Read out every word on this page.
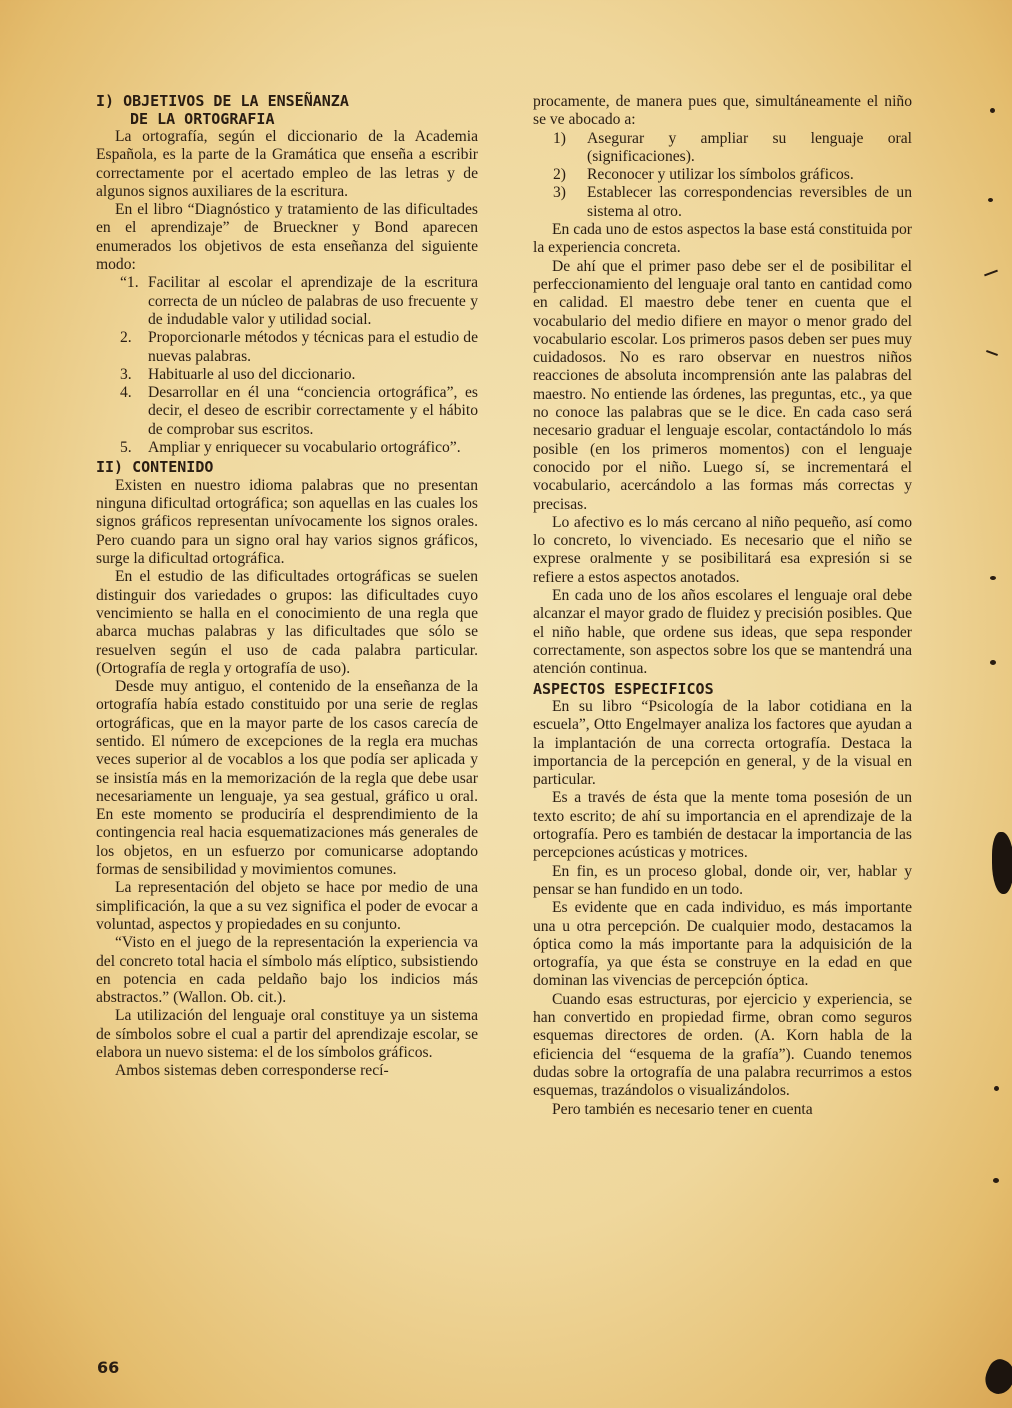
I) OBJETIVOS DE LA ENSEÑANZA
DE LA ORTOGRAFIA

La ortografía, según el diccionario de la Academia Española, es la parte de la Gramática que enseña a escribir correctamente por el acertado empleo de las letras y de algunos signos auxiliares de la escritura.

En el libro “Diagnóstico y tratamiento de las dificultades en el aprendizaje” de Brueckner y Bond aparecen enumerados los objetivos de esta enseñanza del siguiente modo:

“1. Facilitar al escolar el aprendizaje de la escritura correcta de un núcleo de palabras de uso frecuente y de indudable valor y utilidad social.
2. Proporcionarle métodos y técnicas para el estudio de nuevas palabras.
3. Habituarle al uso del diccionario.
4. Desarrollar en él una “conciencia ortográfica”, es decir, el deseo de escribir correctamente y el hábito de comprobar sus escritos.
5. Ampliar y enriquecer su vocabulario ortográfico”.
II) CONTENIDO

Existen en nuestro idioma palabras que no presentan ninguna dificultad ortográfica; son aquellas en las cuales los signos gráficos representan unívocamente los signos orales. Pero cuando para un signo oral hay varios signos gráficos, surge la dificultad ortográfica.

En el estudio de las dificultades ortográficas se suelen distinguir dos variedades o grupos: las dificultades cuyo vencimiento se halla en el conocimiento de una regla que abarca muchas palabras y las dificultades que sólo se resuelven según el uso de cada palabra particular. (Ortografía de regla y ortografía de uso).

Desde muy antiguo, el contenido de la enseñanza de la ortografía había estado constituido por una serie de reglas ortográficas, que en la mayor parte de los casos carecía de sentido. El número de excepciones de la regla era muchas veces superior al de vocablos a los que podía ser aplicada y se insistía más en la memorización de la regla que debe usar necesariamente un lenguaje, ya sea gestual, gráfico u oral. En este momento se produciría el desprendimiento de la contingencia real hacia esquematizaciones más generales de los objetos, en un esfuerzo por comunicarse adoptando formas de sensibilidad y movimientos comunes.

La representación del objeto se hace por medio de una simplificación, la que a su vez significa el poder de evocar a voluntad, aspectos y propiedades en su conjunto.

“Visto en el juego de la representación la experiencia va del concreto total hacia el símbolo más elíptico, subsistiendo en potencia en cada peldaño bajo los indicios más abstractos.” (Wallon. Ob. cit.).

La utilización del lenguaje oral constituye ya un sistema de símbolos sobre el cual a partir del aprendizaje escolar, se elabora un nuevo sistema: el de los símbolos gráficos.

Ambos sistemas deben corresponderse recí-

procamente, de manera pues que, simultáneamente el niño se ve abocado a:

1) Asegurar y ampliar su lenguaje oral (significaciones).
2) Reconocer y utilizar los símbolos gráficos.
3) Establecer las correspondencias reversibles de un sistema al otro.

En cada uno de estos aspectos la base está constituida por la experiencia concreta.

De ahí que el primer paso debe ser el de posibilitar el perfeccionamiento del lenguaje oral tanto en cantidad como en calidad. El maestro debe tener en cuenta que el vocabulario del medio difiere en mayor o menor grado del vocabulario escolar. Los primeros pasos deben ser pues muy cuidadosos. No es raro observar en nuestros niños reacciones de absoluta incomprensión ante las palabras del maestro. No entiende las órdenes, las preguntas, etc., ya que no conoce las palabras que se le dice. En cada caso será necesario graduar el lenguaje escolar, contactándolo lo más posible (en los primeros momentos) con el lenguaje conocido por el niño. Luego sí, se incrementará el vocabulario, acercándolo a las formas más correctas y precisas.

Lo afectivo es lo más cercano al niño pequeño, así como lo concreto, lo vivenciado. Es necesario que el niño se exprese oralmente y se posibilitará esa expresión si se refiere a estos aspectos anotados.

En cada uno de los años escolares el lenguaje oral debe alcanzar el mayor grado de fluidez y precisión posibles. Que el niño hable, que ordene sus ideas, que sepa responder correctamente, son aspectos sobre los que se mantendrá una atención continua.

ASPECTOS ESPECIFICOS

En su libro “Psicología de la labor cotidiana en la escuela”, Otto Engelmayer analiza los factores que ayudan a la implantación de una correcta ortografía. Destaca la importancia de la percepción en general, y de la visual en particular.

Es a través de ésta que la mente toma posesión de un texto escrito; de ahí su importancia en el aprendizaje de la ortografía. Pero es también de destacar la importancia de las percepciones acústicas y motrices.

En fin, es un proceso global, donde oir, ver, hablar y pensar se han fundido en un todo.

Es evidente que en cada individuo, es más importante una u otra percepción. De cualquier modo, destacamos la óptica como la más importante para la adquisición de la ortografía, ya que ésta se construye en la edad en que dominan las vivencias de percepción óptica.

Cuando esas estructuras, por ejercicio y experiencia, se han convertido en propiedad firme, obran como seguros esquemas directores de orden. (A. Korn habla de la eficiencia del “esquema de la grafía”). Cuando tenemos dudas sobre la ortografía de una palabra recurrimos a estos esquemas, trazándolos o visualizándolos.

Pero también es necesario tener en cuenta

66
